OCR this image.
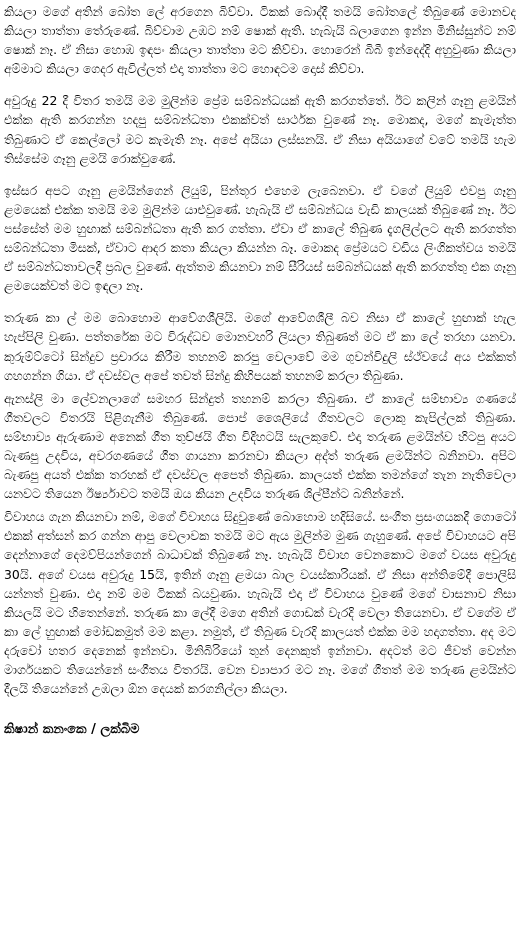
කියලා මගේ අතින් බෝත ලේ අරගෙන බිව්වා. ටිකක් බොද්දී තමයි බෝතලේ තිබුණේ මොනවද කියලා තාත්තා තේරුණේ. බිව්වාම උඹට නම් ෂොක් ඇති. හැබැයි බලාගෙන ඉන්න මිනිස්සුන්ට නම් ෂොක් නෑ. ඒ නිසා හොඹ ඉඳපං කියලා තාත්තා මට කිව්වා. හොරෙන් බිබී ඉන්දෙද්දි අහුවුණා කියලා අම්මාට කියලා ගෙදර ඇවිල්ලත් එදා තාත්තා මට හොඳටම දොස් කිව්වා.

අවුරුදු 22 දී විතර තමයි මම මුලින්ම ප්‍රේම සම්බන්ධයක් ඇති කරගත්තේ. ඊට කලින් ගෑනු ළමයින් එක්ක ඇති කරගන්න හදපු සම්බන්ධතා එකක්වත් සාර්ථක වුණේ නෑ. මොකද, මගේ කැමැත්ත තිබුණාට ඒ කෙල්ලෝ මට කැමැති නෑ. අපේ අයියා ලස්සනයි. ඒ නිසා අයියාගේ වටේ තමයි හැම තිස්සේම ගෑනු ළමයි රොක්වුණේ.

ඉස්සර අපට ගෑනු ළමයින්ගෙන් ලියුම්, පින්තූර එහෙම ලැබෙනවා. ඒ වගේ ලියුම් එවපු ගෑනු ළමයෙක් එක්ක තමයි මම මුලින්ම යාළුවුණේ. හැබැයි ඒ සම්බන්ධය වැඩි කාලයක් තිබුණේ නෑ. ඊට පස්සේත් මම හුඟාක් සම්බන්ධතා ඇති කර ගත්තා. ඒවා ඒ කාලේ තිබුණ දැගලිල්ලට ඇති කරගත්ත සම්බන්ධතා මිසක්, ඒවාට ආදර කතා කියලා කියන්න බෑ. මොකද ප්‍රේමයට වඩිය ලිංගිකත්වය තමයි ඒ සම්බන්ධතාවලදී ප්‍රබල වුණේ. ඇත්තම කියනවා නම් සීරියස් සම්බන්ධයක් ඇති කරගත්තු එක ගෑනු ළමයෙක්වත් මට ඉඳලා නෑ.

තරුණ කා ල් මම බොහොම ආවේගශීලියි. මගේ ආවේගශීලී බව නිසා ඒ කාලේ හුඟාක් හැල හැප්පිලි වුණා. පත්තරේක මට විරුද්ධව මොනවහරි ලියලා තිබුණත් මට ඒ කා ලේ තරහා යනවා. කුරුම්ට්ටෝ සින්දුව ප්‍රචාරය කිරීම තහනම් කරපු වෙලාවේ මම ගුවන්විදුලි ස්ථ්වයේ අය එක්කත් ගහගන්න ගියා. ඒ දවස්වල අපේ තවත් සින්දු කිහිපයක් තහනම් කරලා තිබුණා.

ඇනස්ලි මා ලේවනලාගේ සමහර සින්දුත් තහනම් කරලා තිබුණා. ඒ කාලේ සම්භාව්‍ය ගණයේ ගීතවලට විතරයි පිළිගැනීම තිබුණේ. පොප් ශෛලියේ ගීතවලට ලොකු කැපිල්ලක් තිබුණා. සම්භාව්‍ය ඇරුණාම අනෙක් ගීත තුච්ඡයි ගීත විදිහටයි සැලකුවේ. එදා තරුණ ළමයින්ව හිටපු අයට බැණපු උදවිය, අවරගණයේ ගීත ගායනා කරනවා කියලා අද්ත් තරුණ ළමයින්ට බනිනවා. අපිට බැණපු අයත් එක්ක තරහක් ඒ දවස්වල අපෙත් තිබුණා. කාලයත් එක්ක තමන්ගේ තැන නැතිවෙලා යනවට තියෙන ඊර්ෂ්‍යාවට තමයි ඔය කියන උදවිය තරුණ ශිල්පීන්ට බනින්නේ.

විවාහය ගැන කියනවා නම්, මගේ විවාහය සිදුවුණේ බොහොම හදිසියේ. සංගීත ප්‍රසංගයකදී ගොටෝ එකක් අත්සන් කර ගන්න ආපු වෙලාවක තමයි මට ඇය මුලින්ම මුණ ගැහුණේ. අපේ විවාහයට අපි දෙන්නාගේ දෙමව්පියන්ගෙන් බාධාවක් තිබුණේ නෑ. හැබැයි විවාහ වෙනකොට මගේ වයස අවුරුදු 30යි. අගේ වයස අවුරුදු 15යි, ඉතින් ගෑනු ළමයා බාල වයස්කාරියක්. ඒ නිසා අන්තිමේදී පොලිසි යන්නත් වුණා. එදා නම් මම ටිකක් බයවුණා. හැබැයි එදා ඒ විවාහය වුණේ මගේ වාසනාව නිසා කියලයි මට හිතෙන්නේ. තරුණ කා ලේදී මගෙ අතින් ගොඩක් වැරදි වෙලා තියෙනවා. ඒ වගේම ඒ කා ලේ හුඟාක් මෝඩකමුත් මම කළා. නමුත්, ඒ තිබුණ වැරදි කාලයත් එක්ක මම හදාගත්තා. අද මට දරුවෝ හතර දෙනෙක් ඉන්නවා. මිනිබිරියෝ තුන් දෙනකුත් ඉන්නවා. අදටත් මට ජීවත් වෙන්න මාර්ගයකට තියෙන්නේ සංගීතය විතරයි. වෙන ව්‍යාපාර මට නෑ. මගේ ගීතත් මම තරුණ ළමයින්ට දීලයි තියෙන්නේ උඹලා ඕන දෙයක් කරගනිල්ලා කියලා.

කිෂාන් කනංකෙ / ලක්බිම
